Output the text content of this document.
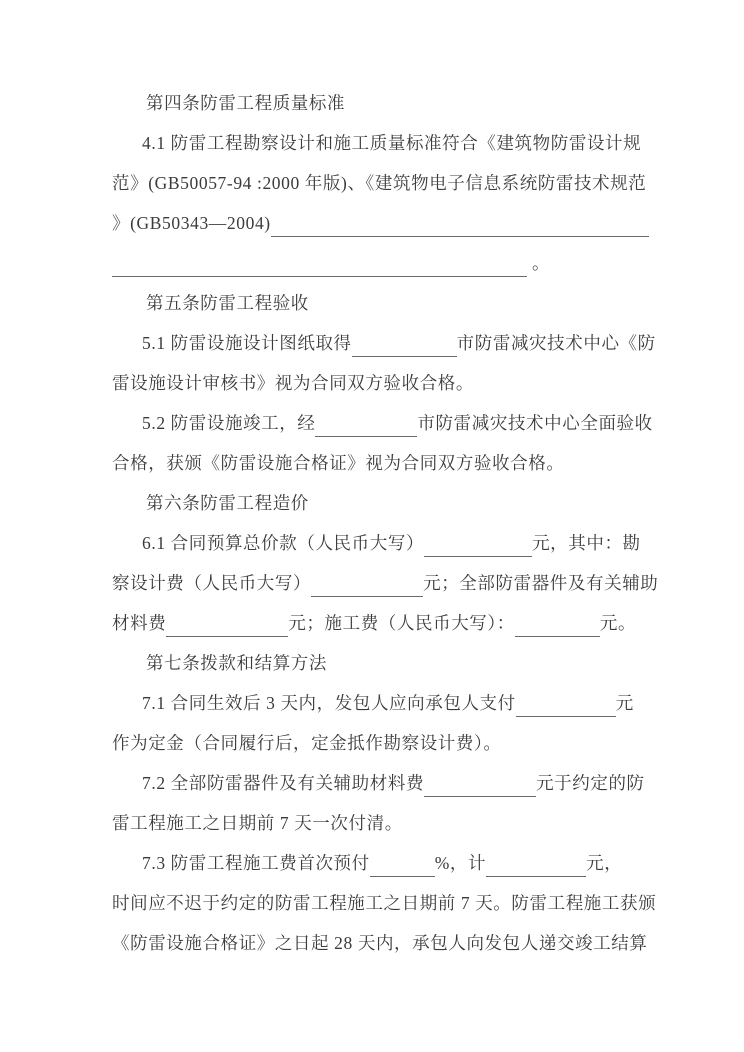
第四条防雷工程质量标准
4.1 防雷工程勘察设计和施工质量标准符合《建筑物防雷设计规
范》(GB50057-94 :2000 年版)、《建筑物电子信息系统防雷技术规范
》(GB50343—2004)
。
第五条防雷工程验收
5.1 防雷设施设计图纸取得	市防雷减灾技术中心《防
雷设施设计审核书》视为合同双方验收合格。
5.2 防雷设施竣工，经	市防雷减灾技术中心全面验收
合格，获颁《防雷设施合格证》视为合同双方验收合格。
第六条防雷工程造价
6.1 合同预算总价款（人民币大写）	元，其中：勘
察设计费（人民币大写）	元；全部防雷器件及有关辅助
材料费	元；施工费（人民币大写）：	元。
第七条拨款和结算方法
7.1 合同生效后 3 天内，发包人应向承包人支付	元
作为定金（合同履行后，定金抵作勘察设计费）。
7.2 全部防雷器件及有关辅助材料费	元于约定的防
雷工程施工之日期前 7 天一次付清。
7.3 防雷工程施工费首次预付	%，计	元，
时间应不迟于约定的防雷工程施工之日期前 7 天。防雷工程施工获颁
《防雷设施合格证》之日起 28 天内，承包人向发包人递交竣工结算
